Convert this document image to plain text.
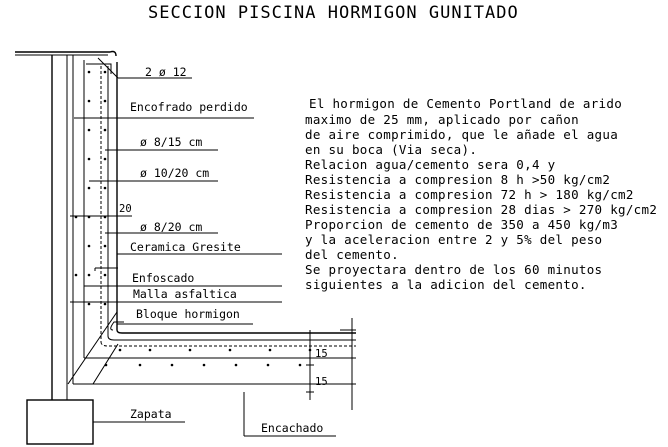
SECCION PISCINA HORMIGON GUNITADO
15
15
Zapata
Encachado
2 ø 12
Encofrado perdido
ø 8/15 cm
ø 10/20 cm
20
ø 8/20 cm
Ceramica Gresite
Enfoscado
Malla asfaltica
Bloque hormigon
El hormigon de Cemento Portland de arido
maximo de 25 mm, aplicado por cañon
de aire comprimido, que le añade el agua
en su boca (Via seca).
Relacion agua/cemento sera 0,4 y
Resistencia a compresion 8 h >50 kg/cm2
Resistencia a compresion 72 h > 180 kg/cm2
Resistencia a compresion 28 dias > 270 kg/cm2
Proporcion de cemento de 350 a 450 kg/m3
y la aceleracion entre 2 y 5% del peso
del cemento.
Se proyectara dentro de los 60 minutos
siguientes a la adicion del cemento.
